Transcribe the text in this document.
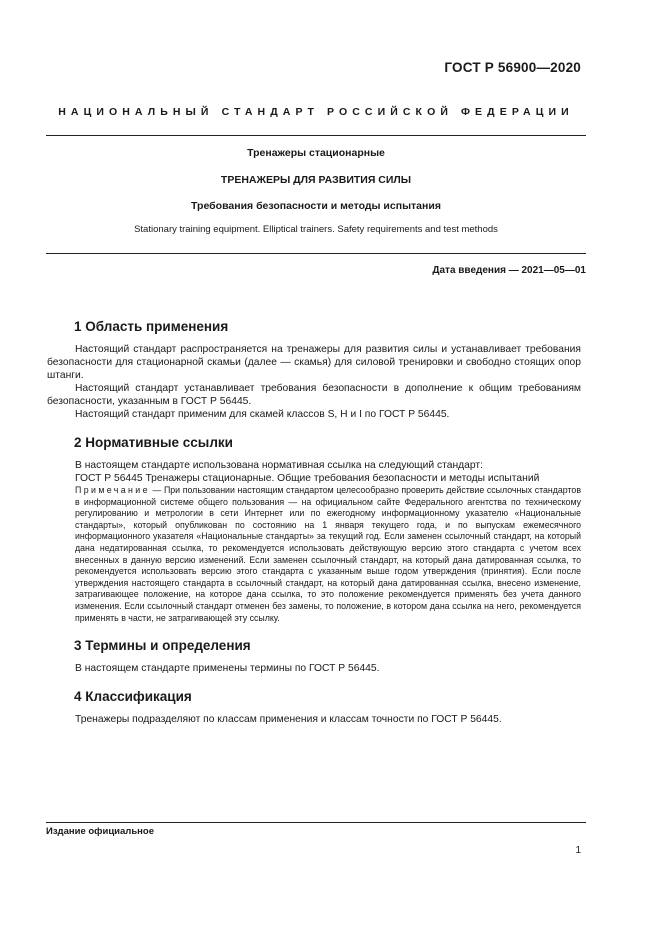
ГОСТ Р 56900—2020
НАЦИОНАЛЬНЫЙ СТАНДАРТ РОССИЙСКОЙ ФЕДЕРАЦИИ
Тренажеры стационарные
ТРЕНАЖЕРЫ ДЛЯ РАЗВИТИЯ СИЛЫ
Требования безопасности и методы испытания
Stationary training equipment. Elliptical trainers. Safety requirements and test methods
Дата введения — 2021—05—01
1 Область применения

Настоящий стандарт распространяется на тренажеры для развития силы и устанавливает требования безопасности для стационарной скамьи (далее — скамья) для силовой тренировки и свободно стоящих опор штанги.

Настоящий стандарт устанавливает требования безопасности в дополнение к общим требованиям безопасности, указанным в ГОСТ Р 56445.

Настоящий стандарт применим для скамей классов S, H и I по ГОСТ Р 56445.

2 Нормативные ссылки

В настоящем стандарте использована нормативная ссылка на следующий стандарт:

ГОСТ Р 56445 Тренажеры стационарные. Общие требования безопасности и методы испытаний

Примечание — При пользовании настоящим стандартом целесообразно проверить действие ссылочных стандартов в информационной системе общего пользования — на официальном сайте Федерального агентства по техническому регулированию и метрологии в сети Интернет или по ежегодному информационному указателю «Национальные стандарты», который опубликован по состоянию на 1 января текущего года, и по выпускам ежемесячного информационного указателя «Национальные стандарты» за текущий год. Если заменен ссылочный стандарт, на который дана недатированная ссылка, то рекомендуется использовать действующую версию этого стандарта с учетом всех внесенных в данную версию изменений. Если заменен ссылочный стандарт, на который дана датированная ссылка, то рекомендуется использовать версию этого стандарта с указанным выше годом утверждения (принятия). Если после утверждения настоящего стандарта в ссылочный стандарт, на который дана датированная ссылка, внесено изменение, затрагивающее положение, на которое дана ссылка, то это положение рекомендуется применять без учета данного изменения. Если ссылочный стандарт отменен без замены, то положение, в котором дана ссылка на него, рекомендуется применять в части, не затрагивающей эту ссылку.

3 Термины и определения

В настоящем стандарте применены термины по ГОСТ Р 56445.

4 Классификация

Тренажеры подразделяют по классам применения и классам точности по ГОСТ Р 56445.

Издание официальное
1
